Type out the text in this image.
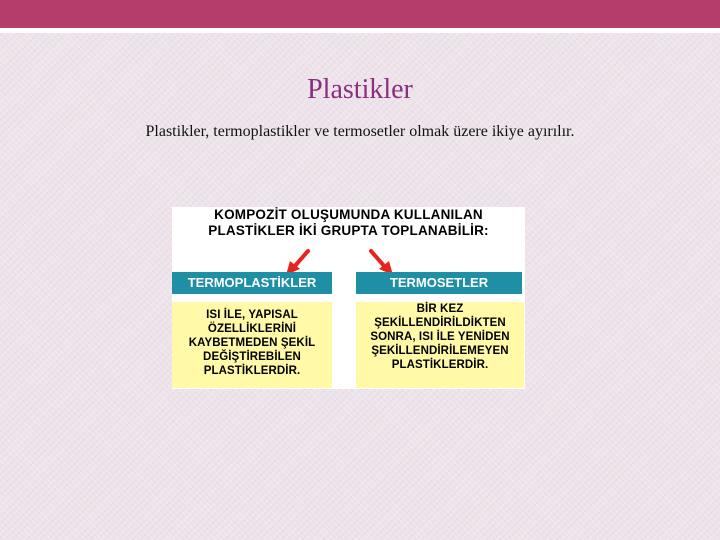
Plastikler
Plastikler, termoplastikler ve termosetler olmak üzere ikiye ayırılır.
KOMPOZİT OLUŞUMUNDA KULLANILAN
PLASTİKLER İKİ GRUPTA TOPLANABİLİR:
TERMOPLASTİKLER	TERMOSETLER
ISI İLE, YAPISAL
ÖZELLİKLERİNİ
KAYBETMEDEN ŞEKİL
DEĞİŞTİREBİLEN
PLASTİKLERDİR.
BİR KEZ
ŞEKİLLENDİRİLDİKTEN
SONRA, ISI İLE YENİDEN
ŞEKİLLENDİRİLEMEYEN
PLASTİKLERDİR.
